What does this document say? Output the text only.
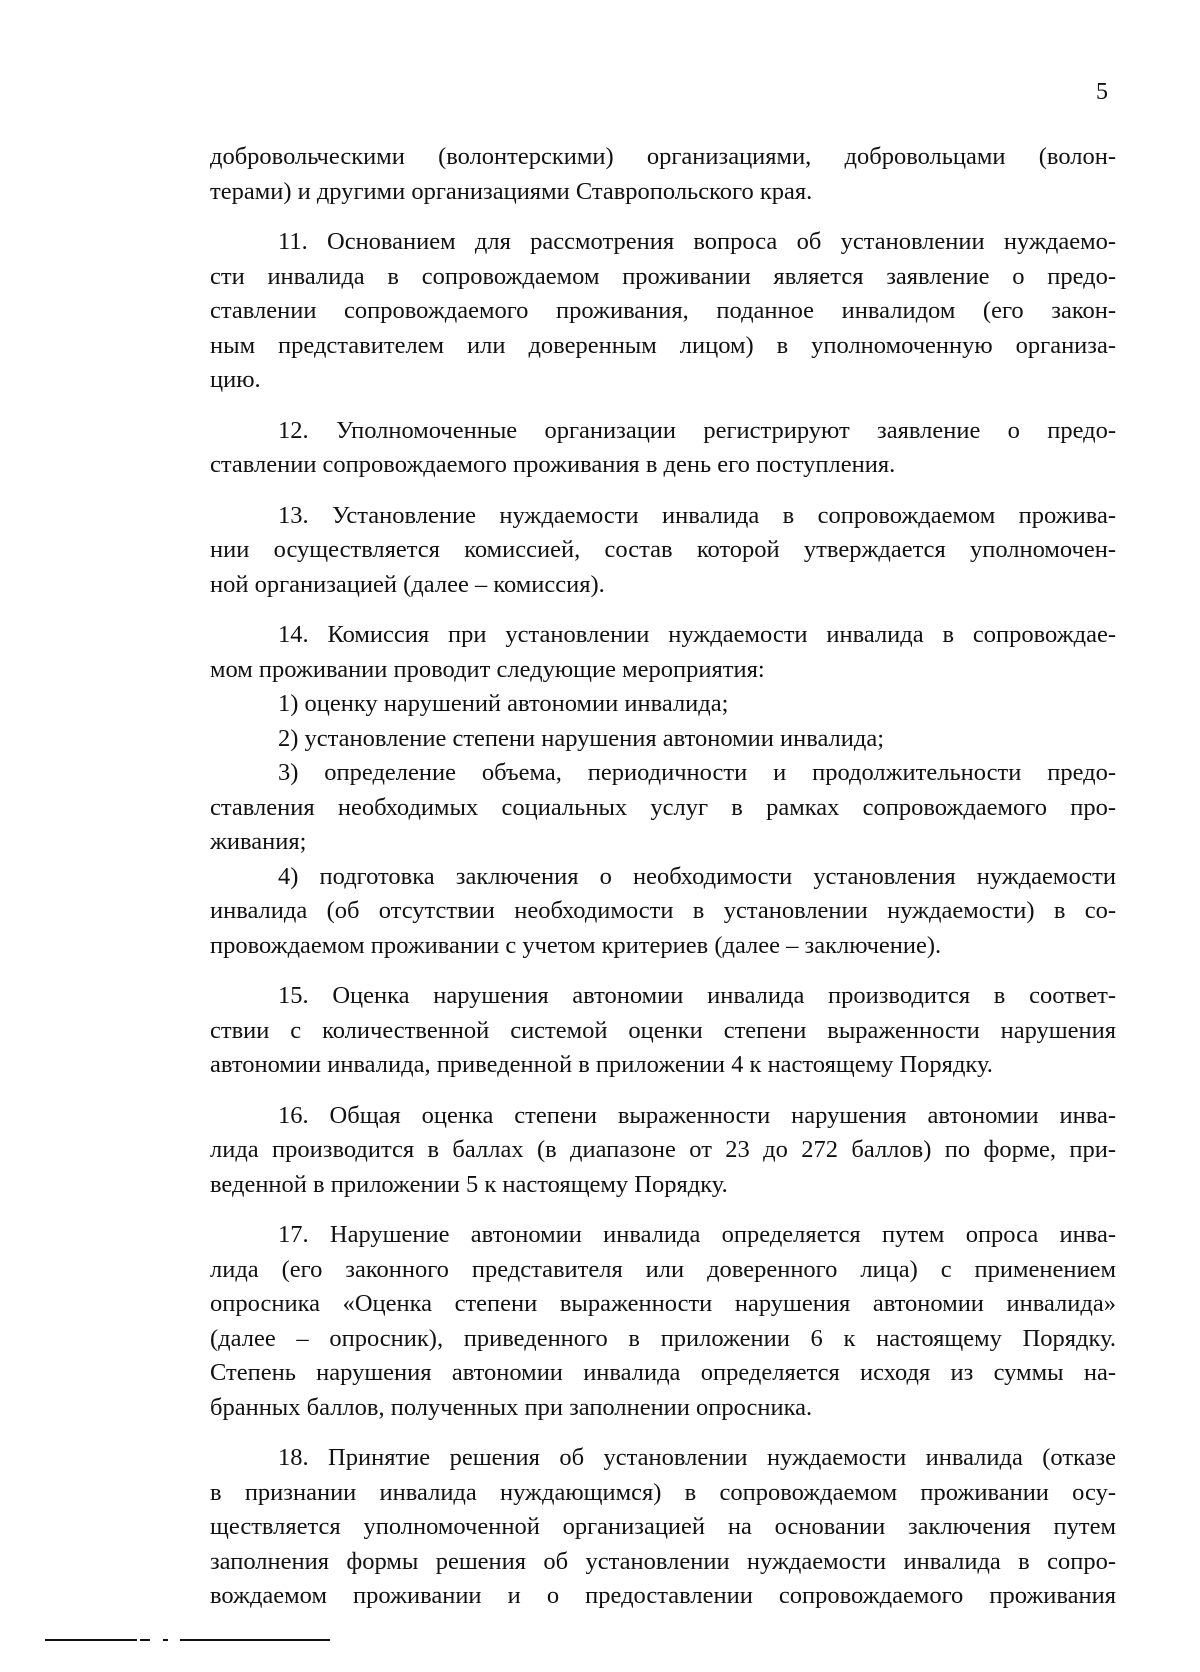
5
добровольческими (волонтерскими) организациями, добровольцами (волон-
терами) и другими организациями Ставропольского края.
11. Основанием для рассмотрения вопроса об установлении нуждаемо-
сти инвалида в сопровождаемом проживании является заявление о предо-
ставлении сопровождаемого проживания, поданное инвалидом (его закон-
ным представителем или доверенным лицом) в уполномоченную организа-
цию.
12. Уполномоченные организации регистрируют заявление о предо-
ставлении сопровождаемого проживания в день его поступления.
13. Установление нуждаемости инвалида в сопровождаемом прожива-
нии осуществляется комиссией, состав которой утверждается уполномочен-
ной организацией (далее – комиссия).
14. Комиссия при установлении нуждаемости инвалида в сопровождае-
мом проживании проводит следующие мероприятия:
1) оценку нарушений автономии инвалида;
2) установление степени нарушения автономии инвалида;
3) определение объема, периодичности и продолжительности предо-
ставления необходимых социальных услуг в рамках сопровождаемого про-
живания;
4) подготовка заключения о необходимости установления нуждаемости
инвалида (об отсутствии необходимости в установлении нуждаемости) в со-
провождаемом проживании с учетом критериев (далее – заключение).
15. Оценка нарушения автономии инвалида производится в соответ-
ствии с количественной системой оценки степени выраженности нарушения
автономии инвалида, приведенной в приложении 4 к настоящему Порядку.
16. Общая оценка степени выраженности нарушения автономии инва-
лида производится в баллах (в диапазоне от 23 до 272 баллов) по форме, при-
веденной в приложении 5 к настоящему Порядку.
17. Нарушение автономии инвалида определяется путем опроса инва-
лида (его законного представителя или доверенного лица) с применением
опросника «Оценка степени выраженности нарушения автономии инвалида»
(далее – опросник), приведенного в приложении 6 к настоящему Порядку.
Степень нарушения автономии инвалида определяется исходя из суммы на-
бранных баллов, полученных при заполнении опросника.
18. Принятие решения об установлении нуждаемости инвалида (отказе
в признании инвалида нуждающимся) в сопровождаемом проживании осу-
ществляется уполномоченной организацией на основании заключения путем
заполнения формы решения об установлении нуждаемости инвалида в сопро-
вождаемом проживании и о предоставлении сопровождаемого проживания
